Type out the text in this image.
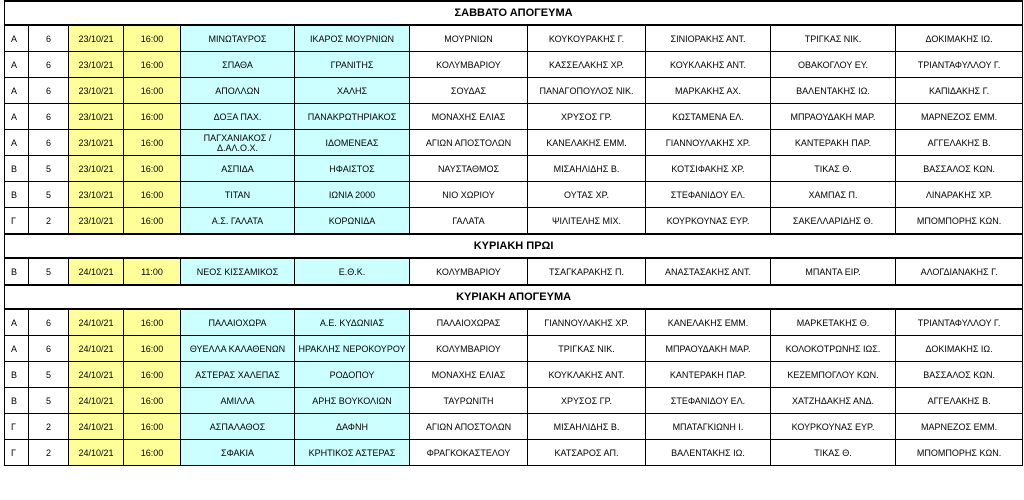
ΣΑΒΒΑΤΟ ΑΠΟΓΕΥΜΑ										
Α	6	23/10/21	16:00	ΜΙΝΩΤΑΥΡΟΣ	ΙΚΑΡΟΣ ΜΟΥΡΝΙΩΝ	ΜΟΥΡΝΙΩΝ	ΚΟΥΚΟΥΡΑΚΗΣ Γ.	ΣΙΝΙΟΡΑΚΗΣ ΑΝΤ.	ΤΡΙΓΚΑΣ ΝΙΚ.	ΔΟΚΙΜΑΚΗΣ ΙΩ.
Α	6	23/10/21	16:00	ΣΠΑΘΑ	ΓΡΑΝΙΤΗΣ	ΚΟΛΥΜΒΑΡΙΟΥ	ΚΑΣΣΕΛΑΚΗΣ ΧΡ.	ΚΟΥΚΛΑΚΗΣ ΑΝΤ.	ΟΒΑΚΟΓΛΟΥ ΕΥ.	ΤΡΙΑΝΤΑΦΥΛΛΟΥ Γ.
Α	6	23/10/21	16:00	ΑΠΟΛΛΩΝ	ΧΑΛΗΣ	ΣΟΥΔΑΣ	ΠΑΝΑΓΟΠΟΥΛΟΣ ΝΙΚ.	ΜΑΡΚΑΚΗΣ ΑΧ.	ΒΑΛΕΝΤΑΚΗΣ ΙΩ.	ΚΑΠΙΔΑΚΗΣ Γ.
Α	6	23/10/21	16:00	ΔΟΞΑ ΠΑΧ.	ΠΑΝΑΚΡΩΤΗΡΙΑΚΟΣ	ΜΟΝΑΧΗΣ ΕΛΙΑΣ	ΧΡΥΣΟΣ ΓΡ.	ΚΩΣΤΑΜΕΝΑ ΕΛ.	ΜΠΡΑΟΥΔΑΚΗ ΜΑΡ.	ΜΑΡΝΕΖΟΣ ΕΜΜ.
Α	6	23/10/21	16:00	ΠΑΓΧΑΝΙΑΚΟΣ / Δ.ΑΛ.Ο.Χ.	ΙΔΟΜΕΝΕΑΣ	ΑΓΙΩΝ ΑΠΟΣΤΟΛΩΝ	ΚΑΝΕΛΑΚΗΣ ΕΜΜ.	ΓΙΑΝΝΟΥΛΑΚΗΣ ΧΡ.	ΚΑΝΤΕΡΑΚΗ ΠΑΡ.	ΑΓΓΕΛΑΚΗΣ Β.
Β	5	23/10/21	16:00	ΑΣΠΙΔΑ	ΗΦΑΙΣΤΟΣ	ΝΑΥΣΤΑΘΜΟΣ	ΜΙΣΑΗΛΙΔΗΣ Β.	ΚΟΤΣΙΦΑΚΗΣ ΧΡ.	ΤΙΚΑΣ Θ.	ΒΑΣΣΑΛΟΣ ΚΩΝ.
Β	5	23/10/21	16:00	ΤΙΤΑΝ	ΙΩΝΙΑ 2000	ΝΙΟ ΧΩΡΙΟΥ	ΟΥΤΑΣ ΧΡ.	ΣΤΕΦΑΝΙΔΟΥ ΕΛ.	ΧΑΜΠΑΣ Π.	ΛΙΝΑΡΑΚΗΣ ΧΡ.
Γ	2	23/10/21	16:00	Α.Σ. ΓΑΛΑΤΑ	ΚΟΡΩΝΙΔΑ	ΓΑΛΑΤΑ	ΨΙΛΙΤΕΛΗΣ ΜΙΧ.	ΚΟΥΡΚΟΥΝΑΣ ΕΥΡ.	ΣΑΚΕΛΛΑΡΙΔΗΣ Θ.	ΜΠΟΜΠΟΡΗΣ ΚΩΝ.
ΚΥΡΙΑΚΗ ΠΡΩΙ										
Β	5	24/10/21	11:00	ΝΕΟΣ ΚΙΣΣΑΜΙΚΟΣ	Ε.Θ.Κ.	ΚΟΛΥΜΒΑΡΙΟΥ	ΤΣΑΓΚΑΡΑΚΗΣ Π.	ΑΝΑΣΤΑΣΑΚΗΣ ΑΝΤ.	ΜΠΑΝΤΑ ΕΙΡ.	ΑΛΟΓΔΙΑΝΑΚΗΣ Γ.
ΚΥΡΙΑΚΗ ΑΠΟΓΕΥΜΑ										
Α	6	24/10/21	16:00	ΠΑΛΑΙΟΧΩΡΑ	Α.Ε. ΚΥΔΩΝΙΑΣ	ΠΑΛΑΙΟΧΩΡΑΣ	ΓΙΑΝΝΟΥΛΑΚΗΣ ΧΡ.	ΚΑΝΕΛΑΚΗΣ ΕΜΜ.	ΜΑΡΚΕΤΑΚΗΣ Θ.	ΤΡΙΑΝΤΑΦΥΛΛΟΥ Γ.
Α	6	24/10/21	16:00	ΘΥΕΛΛΑ ΚΑΛΑΘΕΝΩΝ	ΗΡΑΚΛΗΣ ΝΕΡΟΚΟΥΡΟΥ	ΚΟΛΥΜΒΑΡΙΟΥ	ΤΡΙΓΚΑΣ ΝΙΚ.	ΜΠΡΑΟΥΔΑΚΗ ΜΑΡ.	ΚΟΛΟΚΟΤΡΩΝΗΣ ΙΩΣ.	ΔΟΚΙΜΑΚΗΣ ΙΩ.
Β	5	24/10/21	16:00	ΑΣΤΕΡΑΣ ΧΑΛΕΠΑΣ	ΡΟΔΟΠΟΥ	ΜΟΝΑΧΗΣ ΕΛΙΑΣ	ΚΟΥΚΛΑΚΗΣ ΑΝΤ.	ΚΑΝΤΕΡΑΚΗ ΠΑΡ.	ΚΕΖΕΜΠΟΓΛΟΥ ΚΩΝ.	ΒΑΣΣΑΛΟΣ ΚΩΝ.
Β	5	24/10/21	16:00	ΑΜΙΛΛΑ	ΑΡΗΣ ΒΟΥΚΟΛΙΩΝ	ΤΑΥΡΩΝΙΤΗ	ΧΡΥΣΟΣ ΓΡ.	ΣΤΕΦΑΝΙΔΟΥ ΕΛ.	ΧΑΤΖΗΔΑΚΗΣ ΑΝΔ.	ΑΓΓΕΛΑΚΗΣ Β.
Γ	2	24/10/21	16:00	ΑΣΠΑΛΑΘΟΣ	ΔΑΦΝΗ	ΑΓΙΩΝ ΑΠΟΣΤΟΛΩΝ	ΜΙΣΑΗΛΙΔΗΣ Β.	ΜΠΑΤΑΓΚΙΩΝΗ Ι.	ΚΟΥΡΚΟΥΝΑΣ ΕΥΡ.	ΜΑΡΝΕΖΟΣ ΕΜΜ.
Γ	2	24/10/21	16:00	ΣΦΑΚΙΑ	ΚΡΗΤΙΚΟΣ ΑΣΤΕΡΑΣ	ΦΡΑΓΚΟΚΑΣΤΕΛΟΥ	ΚΑΤΣΑΡΟΣ ΑΠ.	ΒΑΛΕΝΤΑΚΗΣ ΙΩ.	ΤΙΚΑΣ Θ.	ΜΠΟΜΠΟΡΗΣ ΚΩΝ.
